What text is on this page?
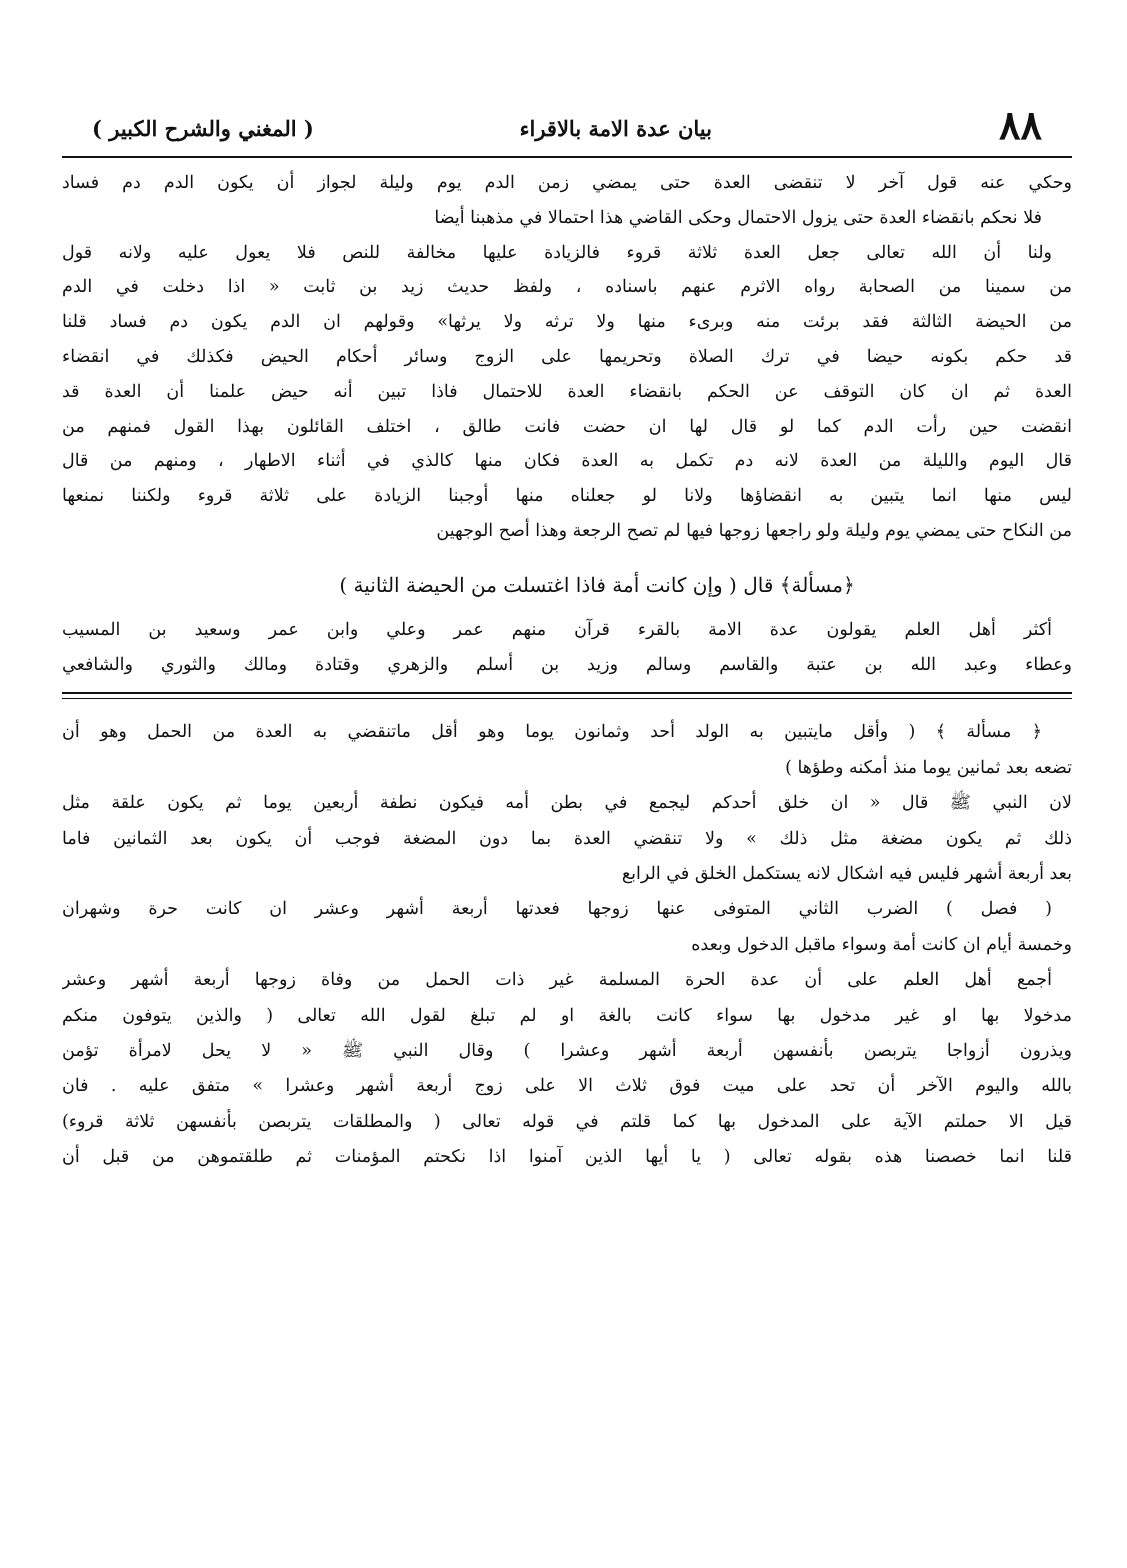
٨٨
بيان عدة الامة بالاقراء
( المغني والشرح الكبير )
وحكي عنه قول آخر لا تنقضى العدة حتى يمضي زمن الدم يوم وليلة لجواز أن يكون الدم دم فساد
فلا نحكم بانقضاء العدة حتى يزول الاحتمال وحكى القاضي هذا احتمالا في مذهبنا أيضا
ولنا أن الله تعالى جعل العدة ثلاثة قروء فالزيادة عليها مخالفة للنص فلا يعول عليه ولانه قول
من سمينا من الصحابة رواه الاثرم عنهم باسناده ، ولفظ حديث زيد بن ثابت « اذا دخلت في الدم
من الحيضة الثالثة فقد برئت منه وبرىء منها ولا ترثه ولا يرثها» وقولهم ان الدم يكون دم فساد قلنا
قد حكم بكونه حيضا في ترك الصلاة وتحريمها على الزوج وسائر أحكام الحيض فكذلك في انقضاء
العدة ثم ان كان التوقف عن الحكم بانقضاء العدة للاحتمال فاذا تبين أنه حيض علمنا أن العدة قد
انقضت حين رأت الدم كما لو قال لها ان حضت فانت طالق ، اختلف القائلون بهذا القول فمنهم من
قال اليوم والليلة من العدة لانه دم تكمل به العدة فكان منها كالذي في أثناء الاطهار ، ومنهم من قال
ليس منها انما يتبين به انقضاؤها ولانا لو جعلناه منها أوجبنا الزيادة على ثلاثة قروء ولكننا نمنعها
من النكاح حتى يمضي يوم وليلة ولو راجعها زوجها فيها لم تصح الرجعة وهذا أصح الوجهين
﴿مسألة﴾ قال ( وإن كانت أمة فاذا اغتسلت من الحيضة الثانية )
أكثر أهل العلم يقولون عدة الامة بالقرء قرآن منهم عمر وعلي وابن عمر وسعيد بن المسيب
وعطاء وعبد الله بن عتبة والقاسم وسالم وزيد بن أسلم والزهري وقتادة ومالك والثوري والشافعي
﴿ مسألة ﴾ ( وأقل مايتبين به الولد أحد وثمانون يوما وهو أقل ماتنقضي به العدة من الحمل وهو أن
تضعه بعد ثمانين يوما منذ أمكنه وطؤها )
لان النبي ﷺ قال « ان خلق أحدكم ليجمع في بطن أمه فيكون نطفة أربعين يوما ثم يكون علقة مثل
ذلك ثم يكون مضغة مثل ذلك » ولا تنقضي العدة بما دون المضغة فوجب أن يكون بعد الثمانين فاما
بعد أربعة أشهر فليس فيه اشكال لانه يستكمل الخلق في الرابع
( فصل ) الضرب الثاني المتوفى عنها زوجها فعدتها أربعة أشهر وعشر ان كانت حرة وشهران
وخمسة أيام ان كانت أمة وسواء ماقبل الدخول وبعده
أجمع أهل العلم على أن عدة الحرة المسلمة غير ذات الحمل من وفاة زوجها أربعة أشهر وعشر
مدخولا بها او غير مدخول بها سواء كانت بالغة او لم تبلغ لقول الله تعالى ( والذين يتوفون منكم
ويذرون أزواجا يتربصن بأنفسهن أربعة أشهر وعشرا ) وقال النبي ﷺ « لا يحل لامرأة تؤمن
بالله واليوم الآخر أن تحد على ميت فوق ثلاث الا على زوج أربعة أشهر وعشرا » متفق عليه . فان
قيل الا حملتم الآية على المدخول بها كما قلتم في قوله تعالى ( والمطلقات يتربصن بأنفسهن ثلاثة قروء)
قلنا انما خصصنا هذه بقوله تعالى ( يا أيها الذين آمنوا اذا نكحتم المؤمنات ثم طلقتموهن من قبل أن
